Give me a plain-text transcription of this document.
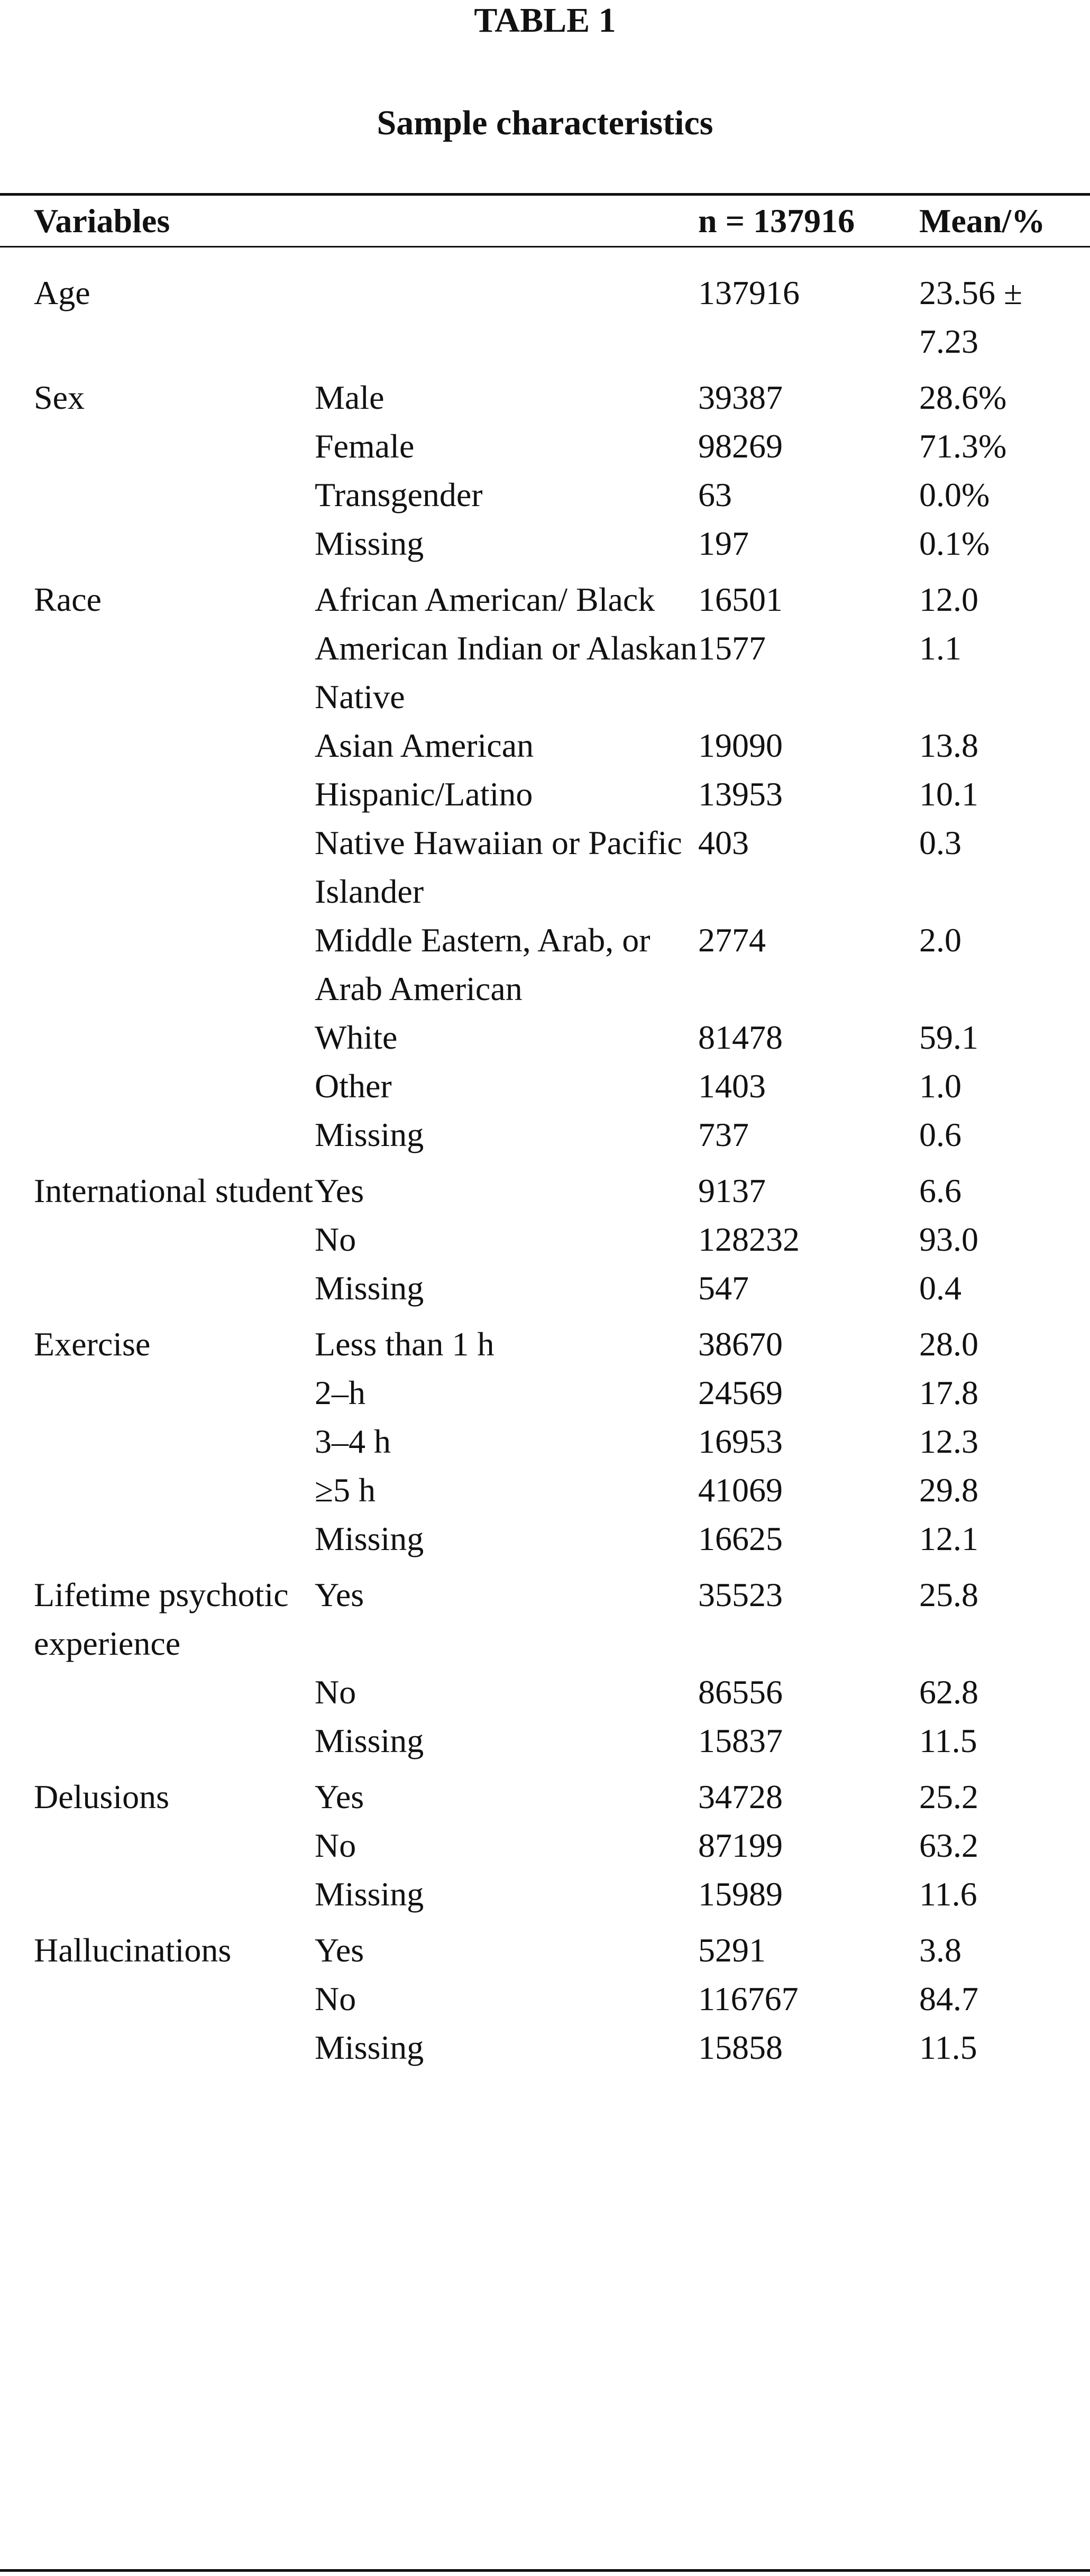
TABLE 1
Sample characteristics
Variables		n = 137916	Mean/%
Age		137916	23.56 ± 7.23
Sex	Male	39387	28.6%
	Female	98269	71.3%
	Transgender	63	0.0%
	Missing	197	0.1%
Race	African American/ Black	16501	12.0
	American Indian or Alaskan Native	1577	1.1
	Asian American	19090	13.8
	Hispanic/Latino	13953	10.1
	Native Hawaiian or Pacific Islander	403	0.3
	Middle Eastern, Arab, or Arab American	2774	2.0
	White	81478	59.1
	Other	1403	1.0
	Missing	737	0.6
International student	Yes	9137	6.6
	No	128232	93.0
	Missing	547	0.4
Exercise	Less than 1 h	38670	28.0
	2–h	24569	17.8
	3–4 h	16953	12.3
	≥5 h	41069	29.8
	Missing	16625	12.1
Lifetime psychotic experience	Yes	35523	25.8
	No	86556	62.8
	Missing	15837	11.5
Delusions	Yes	34728	25.2
	No	87199	63.2
	Missing	15989	11.6
Hallucinations	Yes	5291	3.8
	No	116767	84.7
	Missing	15858	11.5
